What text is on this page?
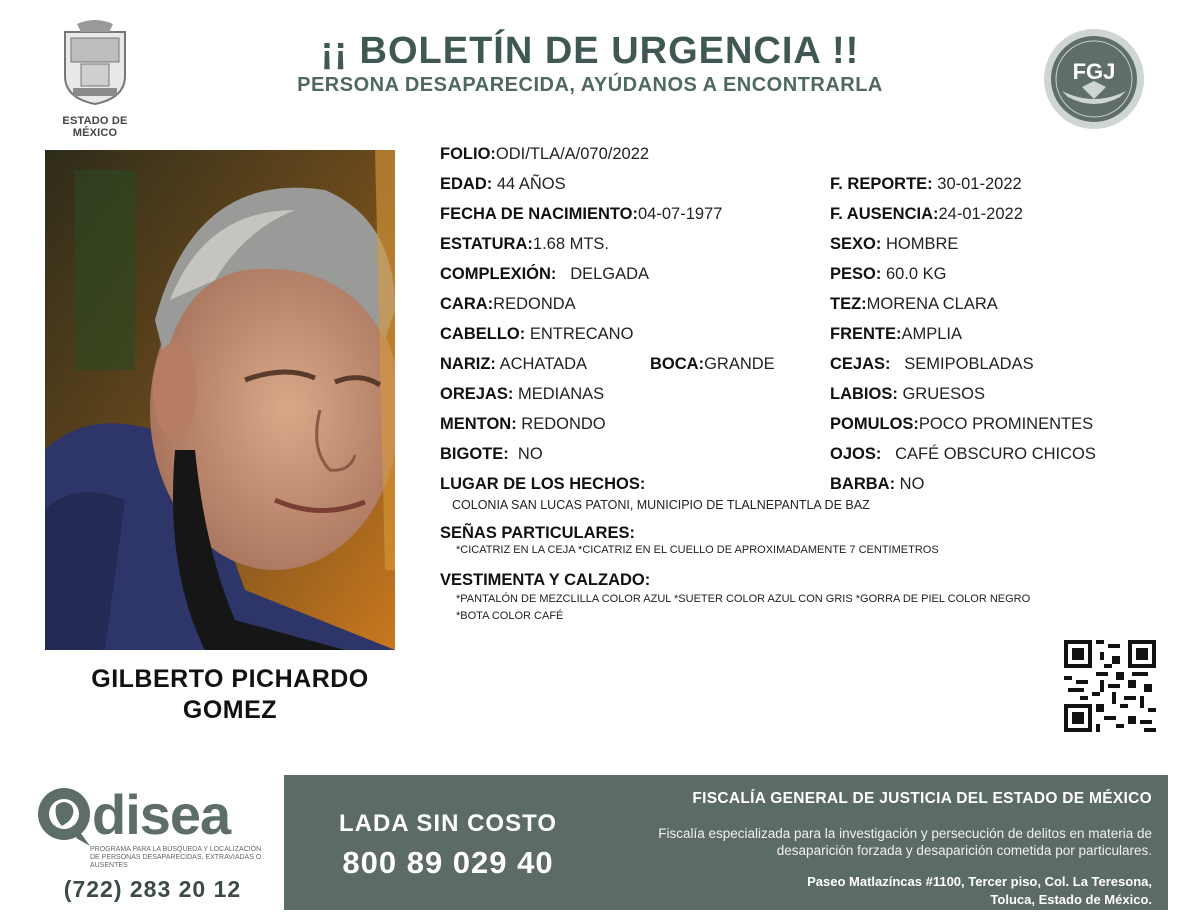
ESTADO DE MÉXICO
¡¡ BOLETÍN DE URGENCIA !!
PERSONA DESAPARECIDA, AYÚDANOS A ENCONTRARLA
FGJ
GILBERTO PICHARDO
GOMEZ
FOLIO:ODI/TLA/A/070/2022
EDAD: 44 AÑOS	F. REPORTE: 30-01-2022
FECHA DE NACIMIENTO:04-07-1977	F. AUSENCIA:24-01-2022
ESTATURA:1.68 MTS.	SEXO: HOMBRE
COMPLEXIÓN: DELGADA	PESO: 60.0 KG
CARA:REDONDA	TEZ:MORENA CLARA
CABELLO: ENTRECANO	FRENTE:AMPLIA
NARIZ: ACHATADA	BOCA:GRANDE	CEJAS: SEMIPOBLADAS
OREJAS: MEDIANAS	LABIOS: GRUESOS
MENTON: REDONDO	POMULOS:POCO PROMINENTES
BIGOTE: NO	OJOS: CAFÉ OBSCURO CHICOS
LUGAR DE LOS HECHOS:	BARBA: NO
COLONIA SAN LUCAS PATONI, MUNICIPIO DE TLALNEPANTLA DE BAZ
SEÑAS PARTICULARES:
*CICATRIZ EN LA CEJA *CICATRIZ EN EL CUELLO DE APROXIMADAMENTE 7 CENTIMETROS
VESTIMENTA Y CALZADO:
*PANTALÓN DE MEZCLILLA COLOR AZUL *SUETER COLOR AZUL CON GRIS *GORRA DE PIEL COLOR NEGRO *BOTA COLOR CAFÉ
disea
PROGRAMA PARA LA BÚSQUEDA Y LOCALIZACIÓN DE PERSONAS DESAPARECIDAS, EXTRAVIADAS O AUSENTES
(722) 283 20 12
LADA SIN COSTO
800 89 029 40
FISCALÍA GENERAL DE JUSTICIA DEL ESTADO DE MÉXICO
Fiscalía especializada para la investigación y persecución de delitos en materia de desaparición forzada y desaparición cometida por particulares.
Paseo Matlazíncas #1100, Tercer piso, Col. La Teresona,
Toluca, Estado de México.
